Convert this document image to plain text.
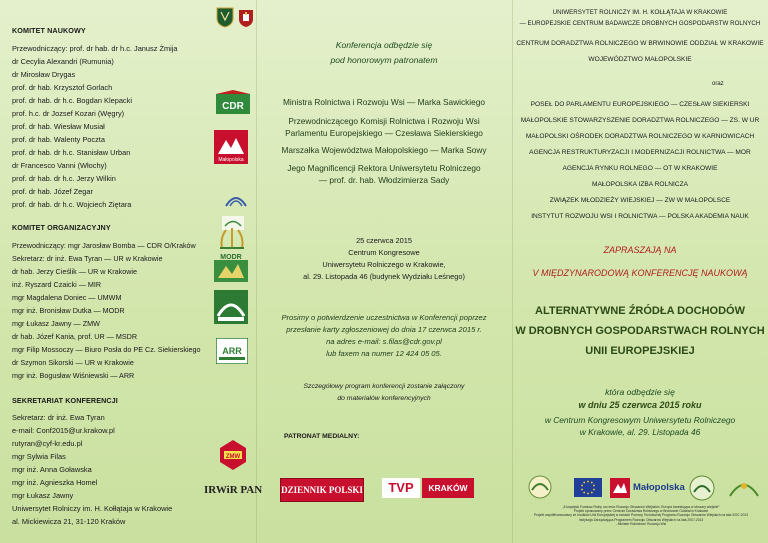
KOMITET NAUKOWY
Przewodniczący: prof. dr hab. dr h.c. Janusz Żmija
dr Cecylia Alexandri (Rumunia)
dr Mirosław Drygas
prof. dr hab. Krzysztof Gorlach
prof. dr hab. dr h.c. Bogdan Klepacki
prof. h.c. dr Jozsef Kozari (Węgry)
prof. dr hab. Wiesław Musiał
prof. dr hab. Walenty Poczta
prof. dr hab. dr h.c. Stanisław Urban
dr Francesco Vanni (Włochy)
prof. dr hab. dr h.c. Jerzy Wilkin
prof. dr hab. Józef Zegar
prof. dr hab. dr h.c. Wojciech Ziętara
KOMITET ORGANIZACYJNY
Przewodniczący: mgr Jarosław Bomba — CDR O/Kraków
Sekretarz: dr inż. Ewa Tyran — UR w Krakowie
dr hab. Jerzy Cieślik — UR w Krakowie
inż. Ryszard Czaicki — MIR
mgr Magdalena Doniec — UMWM
mgr inż. Bronisław Dutka — MODR
mgr Łukasz Jawny — ZMW
dr hab. Józef Kania, prof. UR — MSDR
mgr Filip Mossoczy — Biuro Posła do PE Cz. Siekierskiego
dr Szymon Sikorski — UR w Krakowie
mgr inż. Bogusław Wiśniewski — ARR
SEKRETARIAT KONFERENCJI
Sekretarz: dr inż. Ewa Tyran
e-mail: Conf2015@ur.krakow.pl
rutyran@cyf-kr.edu.pl
mgr Sylwia Filas
mgr inż. Anna Goławska
mgr inż. Agnieszka Homel
mgr Łukasz Jawny
Uniwersytet Rolniczy im. H. Kołłątaja w Krakowie
al. Mickiewicza 21, 31-120 Kraków
CDR
Małopolska
MODR
ARR
ZMW
Konferencja odbędzie się
pod honorowym patronatem
Ministra Rolnictwa i Rozwoju Wsi — Marka Sawickiego
Przewodniczącego Komisji Rolnictwa i Rozwoju Wsi
Parlamentu Europejskiego — Czesława Siekierskiego
Marszałka Województwa Małopolskiego — Marka Sowy
Jego Magnificencji Rektora Uniwersytetu Rolniczego
— prof. dr. hab. Włodzimierza Sady
25 czerwca 2015
Centrum Kongresowe
Uniwersytetu Rolniczego w Krakowie,
al. 29. Listopada 46 (budynek Wydziału Leśnego)
Prosimy o potwierdzenie uczestnictwa w Konferencji poprzez
przesłanie karty zgłoszeniowej do dnia 17 czerwca 2015 r.
na adres e-mail: s.filas@cdr.gov.pl
lub faxem na numer 12 424 05 05.
Szczegółowy program konferencji zostanie załączony
do materiałów konferencyjnych
PATRONAT MEDIALNY:
IRWiR PAN DZIENNIK POLSKI	TVP	KRAKÓW
UNIWERSYTET ROLNICZY IM. H. KOŁŁĄTAJA W KRAKOWIE
— EUROPEJSKIE CENTRUM BADAWCZE DROBNYCH GOSPODARSTW ROLNYCH
CENTRUM DORADZTWA ROLNICZEGO W BRWINOWIE ODDZIAŁ W KRAKOWIE
WOJEWÓDZTWO MAŁOPOLSKIE
oraz
POSEŁ DO PARLAMENTU EUROPEJSKIEGO — CZESŁAW SIEKIERSKI
MAŁOPOLSKIE STOWARZYSZENIE DORADZTWA ROLNICZEGO — ZS. W UR
MAŁOPOLSKI OŚRODEK DORADZTWA ROLNICZEGO W KARNIOWICACH
AGENCJA RESTRUKTURYZACJI I MODERNIZACJI ROLNICTWA — MOR
AGENCJA RYNKU ROLNEGO — OT W KRAKOWIE
MAŁOPOLSKA IZBA ROLNICZA
ZWIĄZEK MŁODZIEŻY WIEJSKIEJ — ZW W MAŁOPOLSCE
INSTYTUT ROZWOJU WSI I ROLNICTWA — POLSKA AKADEMIA NAUK
ZAPRASZAJĄ NA
V MIĘDZYNARODOWĄ KONFERENCJĘ NAUKOWĄ
ALTERNATYWNE ŹRÓDŁA DOCHODÓW
W DROBNYCH GOSPODARSTWACH ROLNYCH
UNII EUROPEJSKIEJ
która odbędzie się
w dniu 25 czerwca 2015 roku
w Centrum Kongresowym Uniwersytetu Rolniczego
w Krakowie, al. 29. Listopada 46
Małopolska
„Europejski Fundusz Rolny na rzecz Rozwoju Obszarów Wiejskich: Europa inwestująca w obszary wiejskie”
Projekt opracowany przez Centrum Doradztwa Rolniczego w Brwinowie Oddział w Krakowie
Projekt współfinansowany ze środków Unii Europejskiej w ramach Pomocy Technicznej Programu Rozwoju Obszarów Wiejskich na lata 2007-2013
Instytucja Zarządzająca Programem Rozwoju Obszarów Wiejskich na lata 2007-2013
- Minister Rolnictwa i Rozwoju Wsi
